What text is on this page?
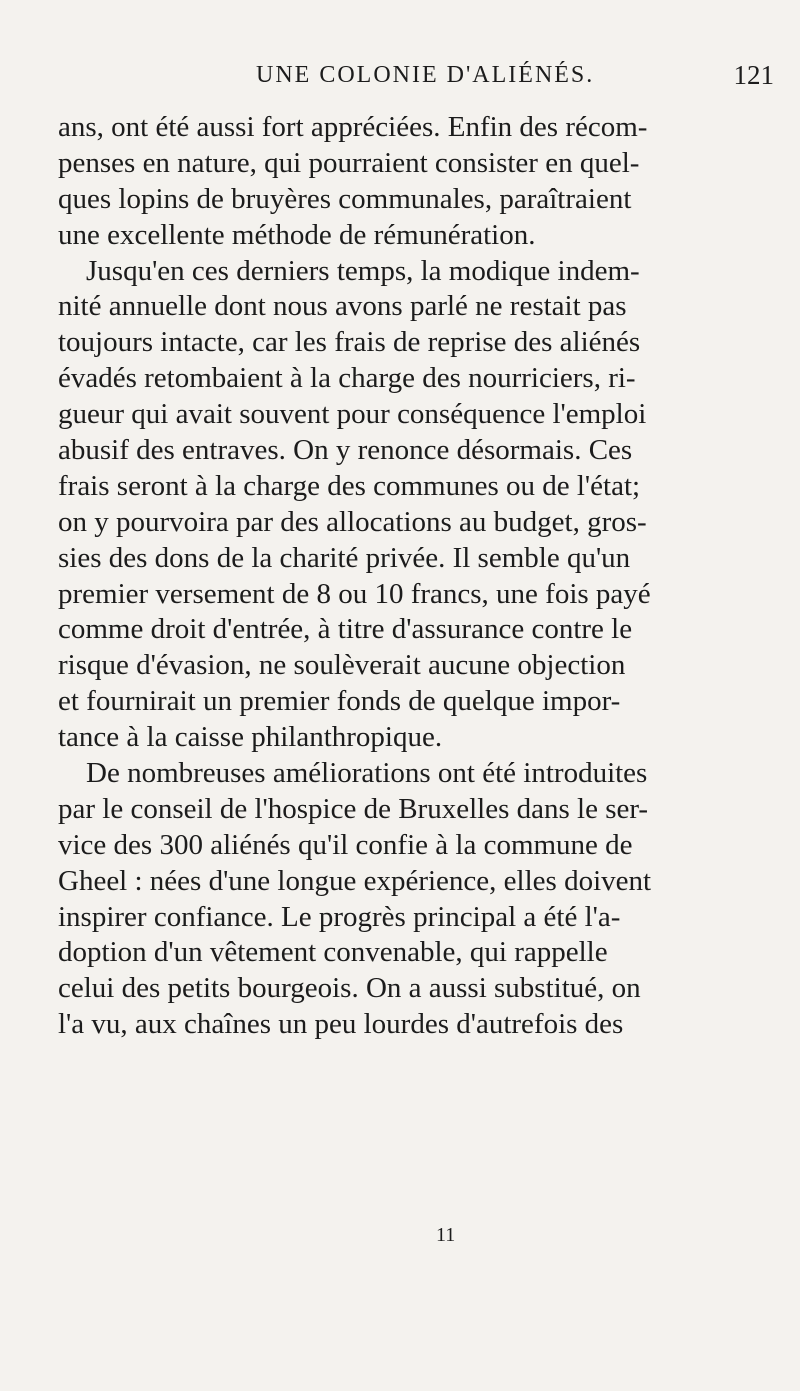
UNE COLONIE D'ALIÉNÉS.	121
ans, ont été aussi fort appréciées. Enfin des récom-
penses en nature, qui pourraient consister en quel-
ques lopins de bruyères communales, paraîtraient
une excellente méthode de rémunération.
Jusqu'en ces derniers temps, la modique indem-
nité annuelle dont nous avons parlé ne restait pas
toujours intacte, car les frais de reprise des aliénés
évadés retombaient à la charge des nourriciers, ri-
gueur qui avait souvent pour conséquence l'emploi
abusif des entraves. On y renonce désormais. Ces
frais seront à la charge des communes ou de l'état;
on y pourvoira par des allocations au budget, gros-
sies des dons de la charité privée. Il semble qu'un
premier versement de 8 ou 10 francs, une fois payé
comme droit d'entrée, à titre d'assurance contre le
risque d'évasion, ne soulèverait aucune objection
et fournirait un premier fonds de quelque impor-
tance à la caisse philanthropique.
De nombreuses améliorations ont été introduites
par le conseil de l'hospice de Bruxelles dans le ser-
vice des 300 aliénés qu'il confie à la commune de
Gheel : nées d'une longue expérience, elles doivent
inspirer confiance. Le progrès principal a été l'a-
doption d'un vêtement convenable, qui rappelle
celui des petits bourgeois. On a aussi substitué, on
l'a vu, aux chaînes un peu lourdes d'autrefois des
11
